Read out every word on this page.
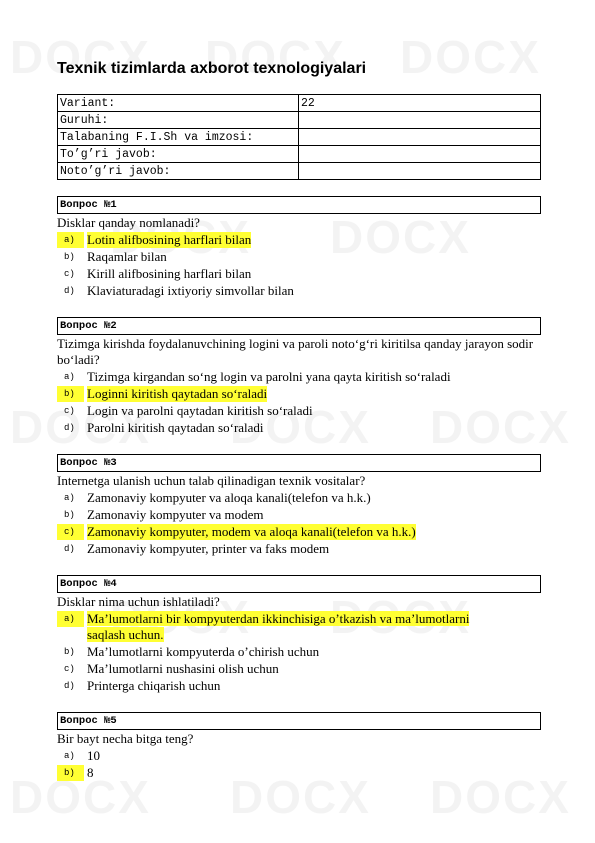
Texnik tizimlarda axborot texnologiyalari
Variant:	22
Guruhi:	
Talabaning F.I.Sh va imzosi:	
To’g’ri javob:	
Noto’g’ri javob:	
Вопрос №1
Disklar qanday nomlanadi?
a) Lotin alifbosining harflari bilan
b) Raqamlar bilan
c) Kirill alifbosining harflari bilan
d) Klaviaturadagi ixtiyoriy simvollar bilan
Вопрос №2
Tizimga kirishda foydalanuvchining logini va paroli noto‘g‘ri kiritilsa qanday jarayon sodir bo‘ladi?
a) Tizimga kirgandan so‘ng login va parolni yana qayta kiritish so‘raladi
b) Loginni kiritish qaytadan so‘raladi
c) Login va parolni qaytadan kiritish so‘raladi
d) Parolni kiritish qaytadan so‘raladi
Вопрос №3
Internetga ulanish uchun talab qilinadigan texnik vositalar?
a) Zamonaviy kompyuter va aloqa kanali(telefon va h.k.)
b) Zamonaviy kompyuter va modem
c) Zamonaviy kompyuter, modem va aloqa kanali(telefon va h.k.)
d) Zamonaviy kompyuter, printer va faks modem
Вопрос №4
Disklar nima uchun ishlatiladi?
a) Ma’lumotlarni bir kompyuterdan ikkinchisiga o’tkazish va ma’lumotlarni saqlash uchun.
b) Ma’lumotlarni kompyuterda o’chirish uchun
c) Ma’lumotlarni nushasini olish uchun
d) Printerga chiqarish uchun
Вопрос №5
Bir bayt necha bitga teng?
a) 10
b) 8
